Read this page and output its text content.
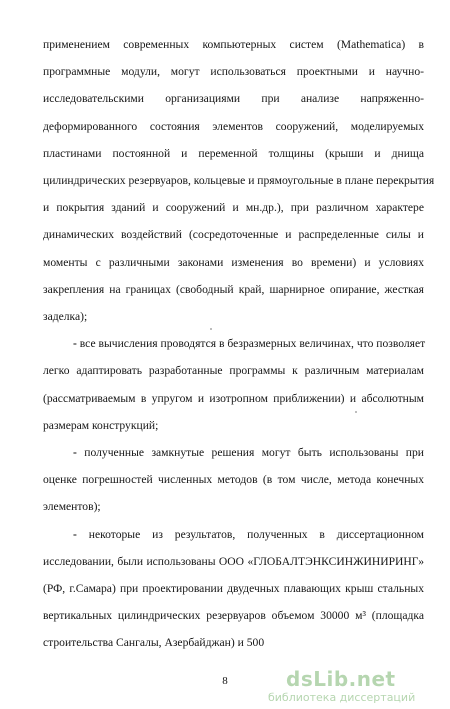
применением современных компьютерных систем (Mathematica) в
программные модули, могут использоваться проектными и научно-
исследовательскими организациями при анализе напряженно-
деформированного состояния элементов сооружений, моделируемых
пластинами постоянной и переменной толщины (крыши и днища
цилиндрических резервуаров, кольцевые и прямоугольные в плане перекрытия
и покрытия зданий и сооружений и мн.др.), при различном характере
динамических воздействий (сосредоточенные и распределенные силы и
моменты с различными законами изменения во времени) и условиях
закрепления на границах (свободный край, шарнирное опирание, жесткая
заделка);
- все вычисления проводятся в безразмерных величинах, что позволяет
легко адаптировать разработанные программы к различным материалам
(рассматриваемым в упругом и изотропном приближении) и абсолютным
размерам конструкций;
- полученные замкнутые решения могут быть использованы при
оценке погрешностей численных методов (в том числе, метода конечных
элементов);
- некоторые из результатов, полученных в диссертационном
исследовании, были использованы ООО «ГЛОБАЛТЭНКСИНЖИНИРИНГ»
(РФ, г.Самара) при проектировании двудечных плавающих крыш стальных
вертикальных цилиндрических резервуаров объемом 30000 м³ (площадка
строительства Сангалы, Азербайджан) и 500
8	dsLib.net
библиотека диссертаций
